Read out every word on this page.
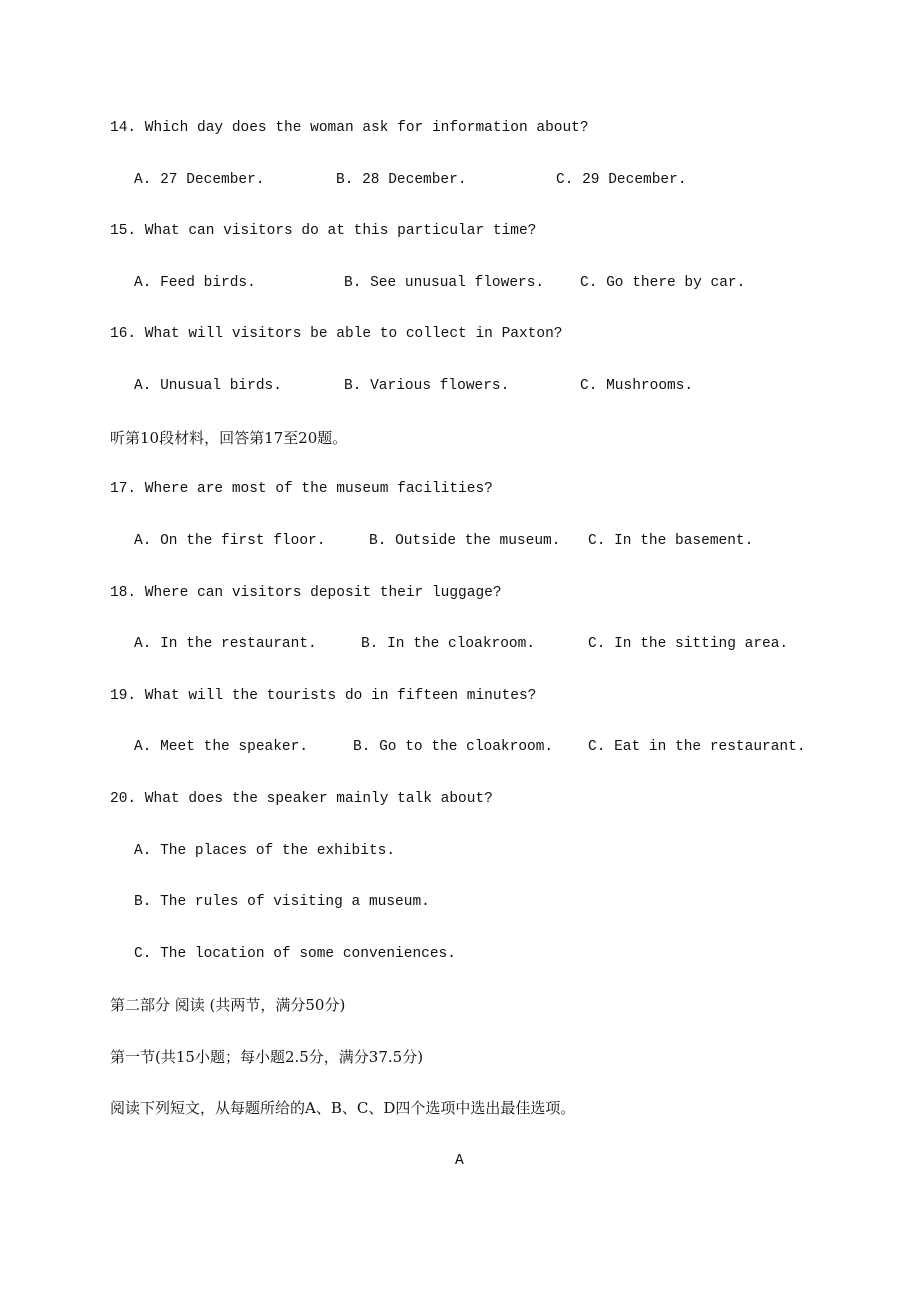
14. Which day does the woman ask for information about?
A. 27 December.	B. 28 December.	C. 29 December.
15. What can visitors do at this particular time?
A. Feed birds.	B. See unusual flowers. C. Go there by car.
16. What will visitors be able to collect in Paxton?
A. Unusual birds.	B. Various flowers.	C. Mushrooms.
听第10段材料，回答第17至20题。
17. Where are most of the museum facilities?
A. On the first floor.	B. Outside the museum. C. In the basement.
18. Where can visitors deposit their luggage?
A. In the restaurant.	B. In the cloakroom.	C. In the sitting area.
19. What will the tourists do in fifteen minutes?
A. Meet the speaker.	B. Go to the cloakroom. C. Eat in the restaurant.
20. What does the speaker mainly talk about?
A. The places of the exhibits.
B. The rules of visiting a museum.
C. The location of some conveniences.
第二部分 阅读 (共两节，满分50分)
第一节(共15小题；每小题2.5分，满分37.5分)
阅读下列短文，从每题所给的A、B、C、D四个选项中选出最佳选项。
A
